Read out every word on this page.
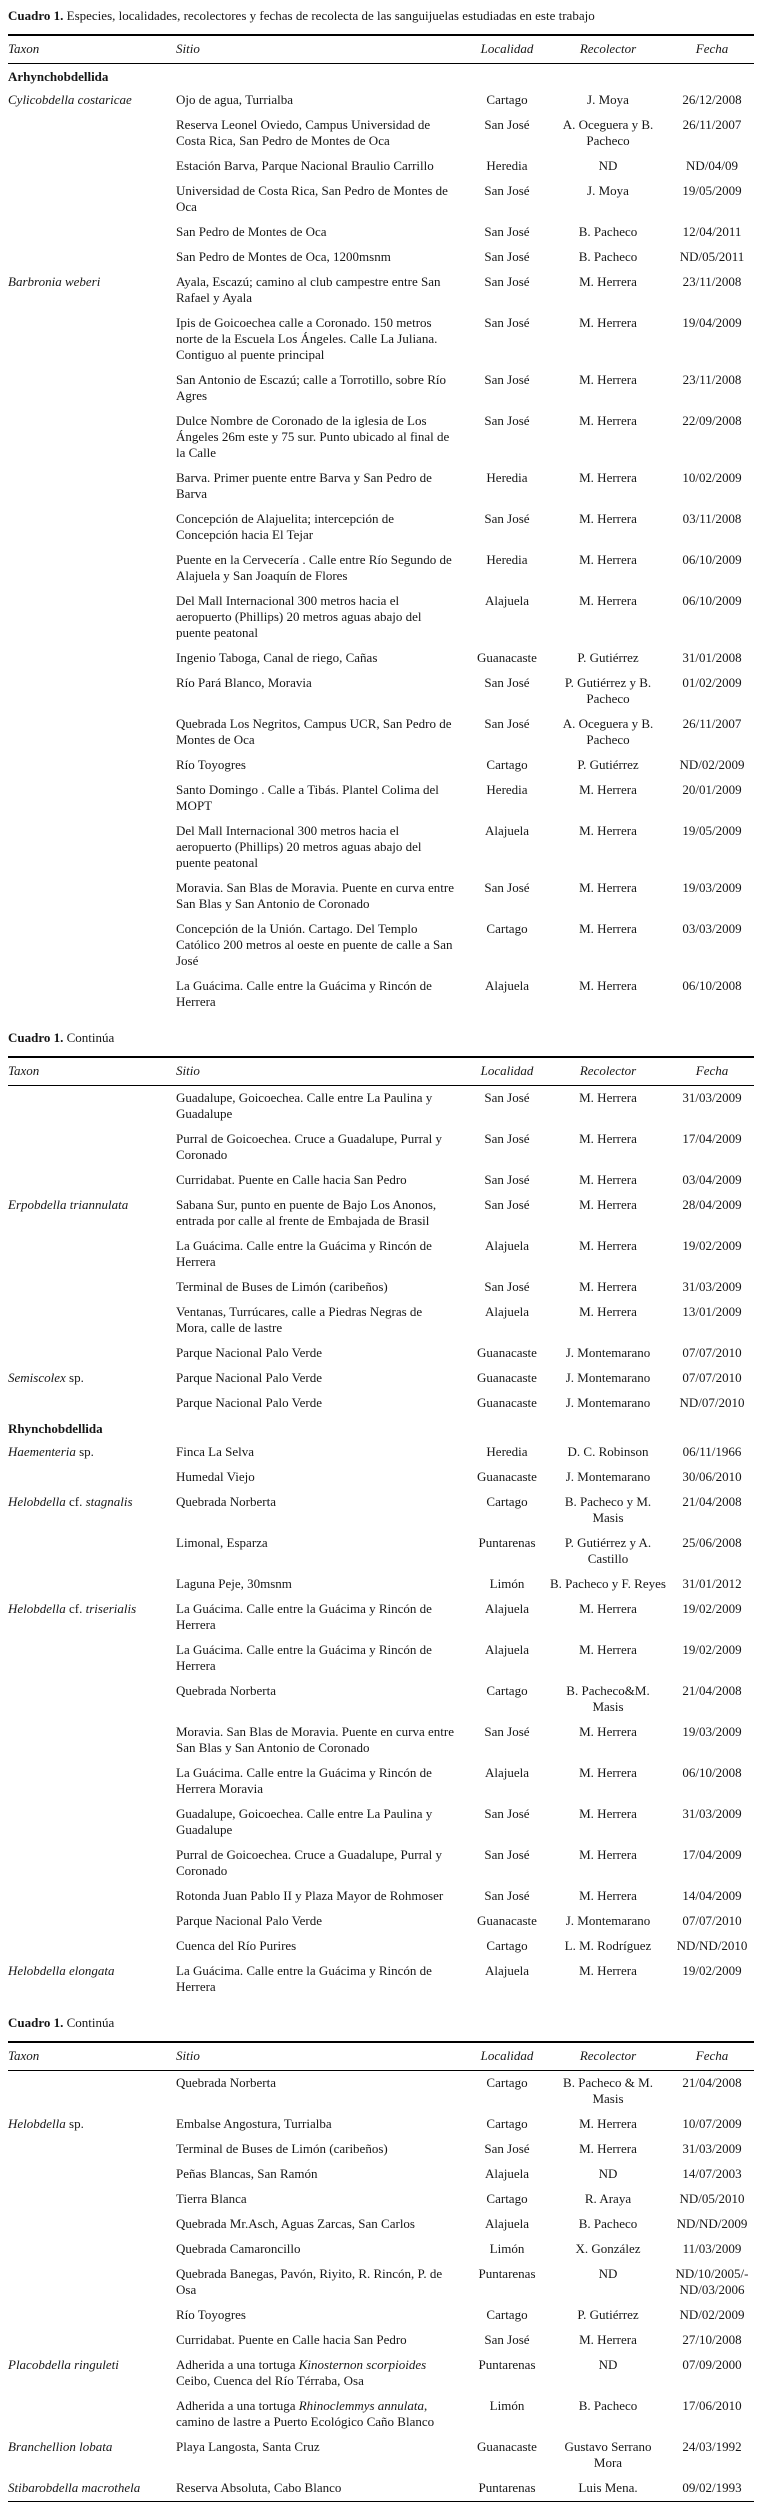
Cuadro 1. Especies, localidades, recolectores y fechas de recolecta de las sanguijuelas estudiadas en este trabajo
Taxon	Sitio	Localidad	Recolector	Fecha
Arhynchobdellida				
Cylicobdella costaricae	Ojo de agua, Turrialba	Cartago	J. Moya	26/12/2008
	Reserva Leonel Oviedo, Campus Universidad de Costa Rica, San Pedro de Montes de Oca	San José	A. Oceguera y B. Pacheco	26/11/2007
	Estación Barva, Parque Nacional Braulio Carrillo	Heredia	ND	ND/04/09
	Universidad de Costa Rica, San Pedro de Montes de Oca	San José	J. Moya	19/05/2009
	San Pedro de Montes de Oca	San José	B. Pacheco	12/04/2011
	San Pedro de Montes de Oca, 1200msnm	San José	B. Pacheco	ND/05/2011
Barbronia weberi	Ayala, Escazú; camino al club campestre entre San Rafael y Ayala	San José	M. Herrera	23/11/2008
	Ipis de Goicoechea calle a Coronado. 150 metros norte de la Escuela Los Ángeles. Calle La Juliana. Contiguo al puente principal	San José	M. Herrera	19/04/2009
	San Antonio de Escazú; calle a Torrotillo, sobre Río Agres	San José	M. Herrera	23/11/2008
	Dulce Nombre de Coronado de la iglesia de Los Ángeles 26m este y 75 sur. Punto ubicado al final de la Calle	San José	M. Herrera	22/09/2008
	Barva. Primer puente entre Barva y San Pedro de Barva	Heredia	M. Herrera	10/02/2009
	Concepción de Alajuelita; intercepción de Concepción hacia El Tejar	San José	M. Herrera	03/11/2008
	Puente en la Cervecería . Calle entre Río Segundo de Alajuela y San Joaquín de Flores	Heredia	M. Herrera	06/10/2009
	Del Mall Internacional 300 metros hacia el aeropuerto (Phillips) 20 metros aguas abajo del puente peatonal	Alajuela	M. Herrera	06/10/2009
	Ingenio Taboga, Canal de riego, Cañas	Guanacaste	P. Gutiérrez	31/01/2008
	Río Pará Blanco, Moravia	San José	P. Gutiérrez y B. Pacheco	01/02/2009
	Quebrada Los Negritos, Campus UCR, San Pedro de Montes de Oca	San José	A. Oceguera y B. Pacheco	26/11/2007
	Río Toyogres	Cartago	P. Gutiérrez	ND/02/2009
	Santo Domingo . Calle a Tibás. Plantel Colima del MOPT	Heredia	M. Herrera	20/01/2009
	Del Mall Internacional 300 metros hacia el aeropuerto (Phillips) 20 metros aguas abajo del puente peatonal	Alajuela	M. Herrera	19/05/2009
	Moravia. San Blas de Moravia. Puente en curva entre San Blas y San Antonio de Coronado	San José	M. Herrera	19/03/2009
	Concepción de la Unión. Cartago. Del Templo Católico 200 metros al oeste en puente de calle a San José	Cartago	M. Herrera	03/03/2009
	La Guácima. Calle entre la Guácima y Rincón de Herrera	Alajuela	M. Herrera	06/10/2008
Cuadro 1. Continúa
Taxon	Sitio	Localidad	Recolector	Fecha
	Guadalupe, Goicoechea. Calle entre La Paulina y Guadalupe	San José	M. Herrera	31/03/2009
	Purral de Goicoechea. Cruce a Guadalupe, Purral y Coronado	San José	M. Herrera	17/04/2009
	Curridabat. Puente en Calle hacia San Pedro	San José	M. Herrera	03/04/2009
Erpobdella triannulata	Sabana Sur, punto en puente de Bajo Los Anonos, entrada por calle al frente de Embajada de Brasil	San José	M. Herrera	28/04/2009
	La Guácima. Calle entre la Guácima y Rincón de Herrera	Alajuela	M. Herrera	19/02/2009
	Terminal de Buses de Limón (caribeños)	San José	M. Herrera	31/03/2009
	Ventanas, Turrúcares, calle a Piedras Negras de Mora, calle de lastre	Alajuela	M. Herrera	13/01/2009
	Parque Nacional Palo Verde	Guanacaste	J. Montemarano	07/07/2010
Semiscolex sp.	Parque Nacional Palo Verde	Guanacaste	J. Montemarano	07/07/2010
	Parque Nacional Palo Verde	Guanacaste	J. Montemarano	ND/07/2010
Rhynchobdellida				
Haementeria sp.	Finca La Selva	Heredia	D. C. Robinson	06/11/1966
	Humedal Viejo	Guanacaste	J. Montemarano	30/06/2010
Helobdella cf. stagnalis	Quebrada Norberta	Cartago	B. Pacheco y M. Masis	21/04/2008
	Limonal, Esparza	Puntarenas	P. Gutiérrez y A. Castillo	25/06/2008
	Laguna Peje, 30msnm	Limón	B. Pacheco y F. Reyes	31/01/2012
Helobdella cf. triserialis	La Guácima. Calle entre la Guácima y Rincón de Herrera	Alajuela	M. Herrera	19/02/2009
	La Guácima. Calle entre la Guácima y Rincón de Herrera	Alajuela	M. Herrera	19/02/2009
	Quebrada Norberta	Cartago	B. Pacheco&M. Masis	21/04/2008
	Moravia. San Blas de Moravia. Puente en curva entre San Blas y San Antonio de Coronado	San José	M. Herrera	19/03/2009
	La Guácima. Calle entre la Guácima y Rincón de Herrera Moravia	Alajuela	M. Herrera	06/10/2008
	Guadalupe, Goicoechea. Calle entre La Paulina y Guadalupe	San José	M. Herrera	31/03/2009
	Purral de Goicoechea. Cruce a Guadalupe, Purral y Coronado	San José	M. Herrera	17/04/2009
	Rotonda Juan Pablo II y Plaza Mayor de Rohmoser	San José	M. Herrera	14/04/2009
	Parque Nacional Palo Verde	Guanacaste	J. Montemarano	07/07/2010
	Cuenca del Río Purires	Cartago	L. M. Rodríguez	ND/ND/2010
Helobdella elongata	La Guácima. Calle entre la Guácima y Rincón de Herrera	Alajuela	M. Herrera	19/02/2009
Cuadro 1. Continúa
Taxon	Sitio	Localidad	Recolector	Fecha
	Quebrada Norberta	Cartago	B. Pacheco & M. Masis	21/04/2008
Helobdella sp.	Embalse Angostura, Turrialba	Cartago	M. Herrera	10/07/2009
	Terminal de Buses de Limón (caribeños)	San José	M. Herrera	31/03/2009
	Peñas Blancas, San Ramón	Alajuela	ND	14/07/2003
	Tierra Blanca	Cartago	R. Araya	ND/05/2010
	Quebrada Mr.Asch, Aguas Zarcas, San Carlos	Alajuela	B. Pacheco	ND/ND/2009
	Quebrada Camaroncillo	Limón	X. González	11/03/2009
	Quebrada Banegas, Pavón, Riyito, R. Rincón, P. de Osa	Puntarenas	ND	ND/10/2005/- ND/03/2006
	Río Toyogres	Cartago	P. Gutiérrez	ND/02/2009
	Curridabat. Puente en Calle hacia San Pedro	San José	M. Herrera	27/10/2008
Placobdella ringuleti	Adherida a una tortuga Kinosternon scorpioides Ceibo, Cuenca del Río Térraba, Osa	Puntarenas	ND	07/09/2000
	Adherida a una tortuga Rhinoclemmys annulata, camino de lastre a Puerto Ecológico Caño Blanco	Limón	B. Pacheco	17/06/2010
Branchellion lobata	Playa Langosta, Santa Cruz	Guanacaste	Gustavo Serrano Mora	24/03/1992
Stibarobdella macrothela	Reserva Absoluta, Cabo Blanco	Puntarenas	Luis Mena.	09/02/1993
